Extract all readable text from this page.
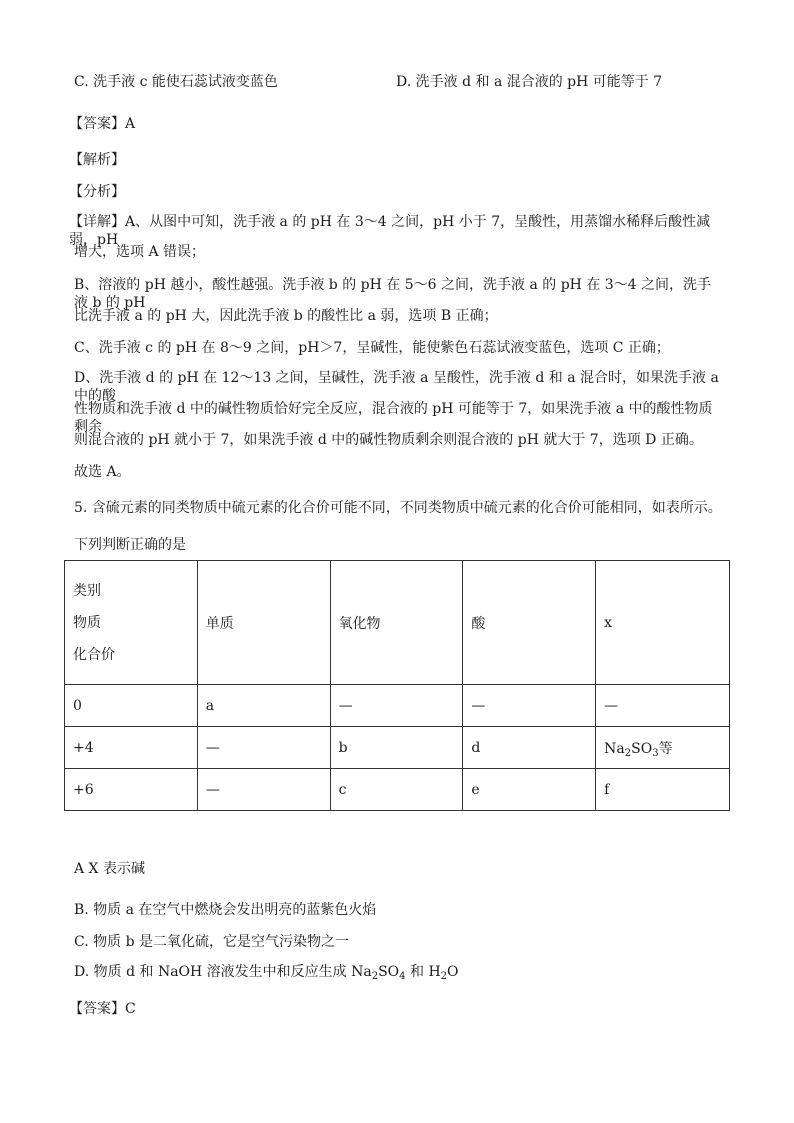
C. 洗手液 c 能使石蕊试液变蓝色	D. 洗手液 d 和 a 混合液的 pH 可能等于 7
【答案】A
【解析】
【分析】
【详解】A、从图中可知，洗手液 a 的 pH 在 3～4 之间，pH 小于 7，呈酸性，用蒸馏水稀释后酸性减弱，pH
增大，选项 A 错误；
B、溶液的 pH 越小，酸性越强。洗手液 b 的 pH 在 5～6 之间，洗手液 a 的 pH 在 3～4 之间，洗手液 b 的 pH
比洗手液 a 的 pH 大，因此洗手液 b 的酸性比 a 弱，选项 B 正确；
C、洗手液 c 的 pH 在 8～9 之间，pH＞7，呈碱性，能使紫色石蕊试液变蓝色，选项 C 正确；
D、洗手液 d 的 pH 在 12～13 之间，呈碱性，洗手液 a 呈酸性，洗手液 d 和 a 混合时，如果洗手液 a 中的酸
性物质和洗手液 d 中的碱性物质恰好完全反应，混合液的 pH 可能等于 7，如果洗手液 a 中的酸性物质剩余
则混合液的 pH 就小于 7，如果洗手液 d 中的碱性物质剩余则混合液的 pH 就大于 7，选项 D 正确。
故选 A。
5. 含硫元素的同类物质中硫元素的化合价可能不同，不同类物质中硫元素的化合价可能相同，如表所示。
下列判断正确的是
类别
物质
化合价	单质	氧化物	酸	x
0	a	—	—	—
+4	—	b	d	$Na_2SO_3$等
+6	—	c	e	f
A X 表示碱
B. 物质 a 在空气中燃烧会发出明亮的蓝紫色火焰
C. 物质 b 是二氧化硫，它是空气污染物之一
D. 物质 d 和 NaOH 溶液发生中和反应生成 $Na_2SO_4$ 和 $H_2O$
【答案】C
